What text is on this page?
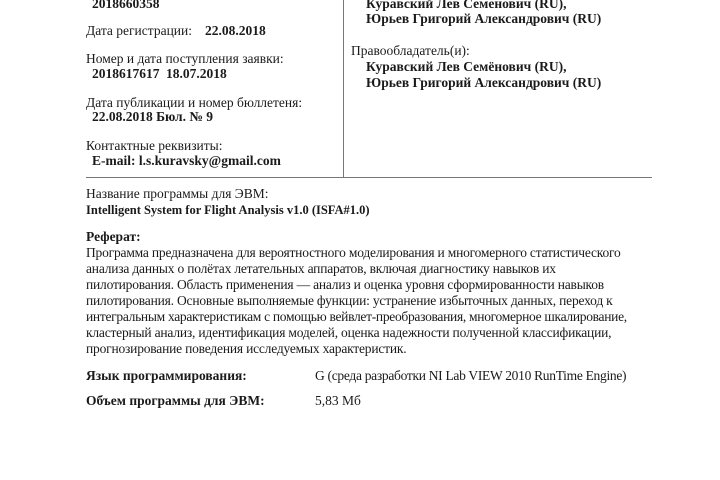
2018660358
Дата регистрации: 22.08.2018
Номер и дата поступления заявки:
2018617617 18.07.2018
Дата публикации и номер бюллетеня:
22.08.2018 Бюл. № 9
Контактные реквизиты:
E-mail: l.s.kuravsky@gmail.com
Куравский Лев Семенович (RU),
Юрьев Григорий Александрович (RU)
Правообладатель(и):
Куравский Лев Семёнович (RU),
Юрьев Григорий Александрович (RU)
Название программы для ЭВМ:
Intelligent System for Flight Analysis v1.0 (ISFA#1.0)
Реферат:
Программа предназначена для вероятностного моделирования и многомерного статистического
анализа данных о полётах летательных аппаратов, включая диагностику навыков их
пилотирования. Область применения — анализ и оценка уровня сформированности навыков
пилотирования. Основные выполняемые функции: устранение избыточных данных, переход к
интегральным характеристикам с помощью вейвлет-преобразования, многомерное шкалирование,
кластерный анализ, идентификация моделей, оценка надежности полученной классификации,
прогнозирование поведения исследуемых характеристик.
Язык программирования:	G (среда разработки NI Lab VIEW 2010 RunTime Engine)
Объем программы для ЭВМ:	5,83 Мб
